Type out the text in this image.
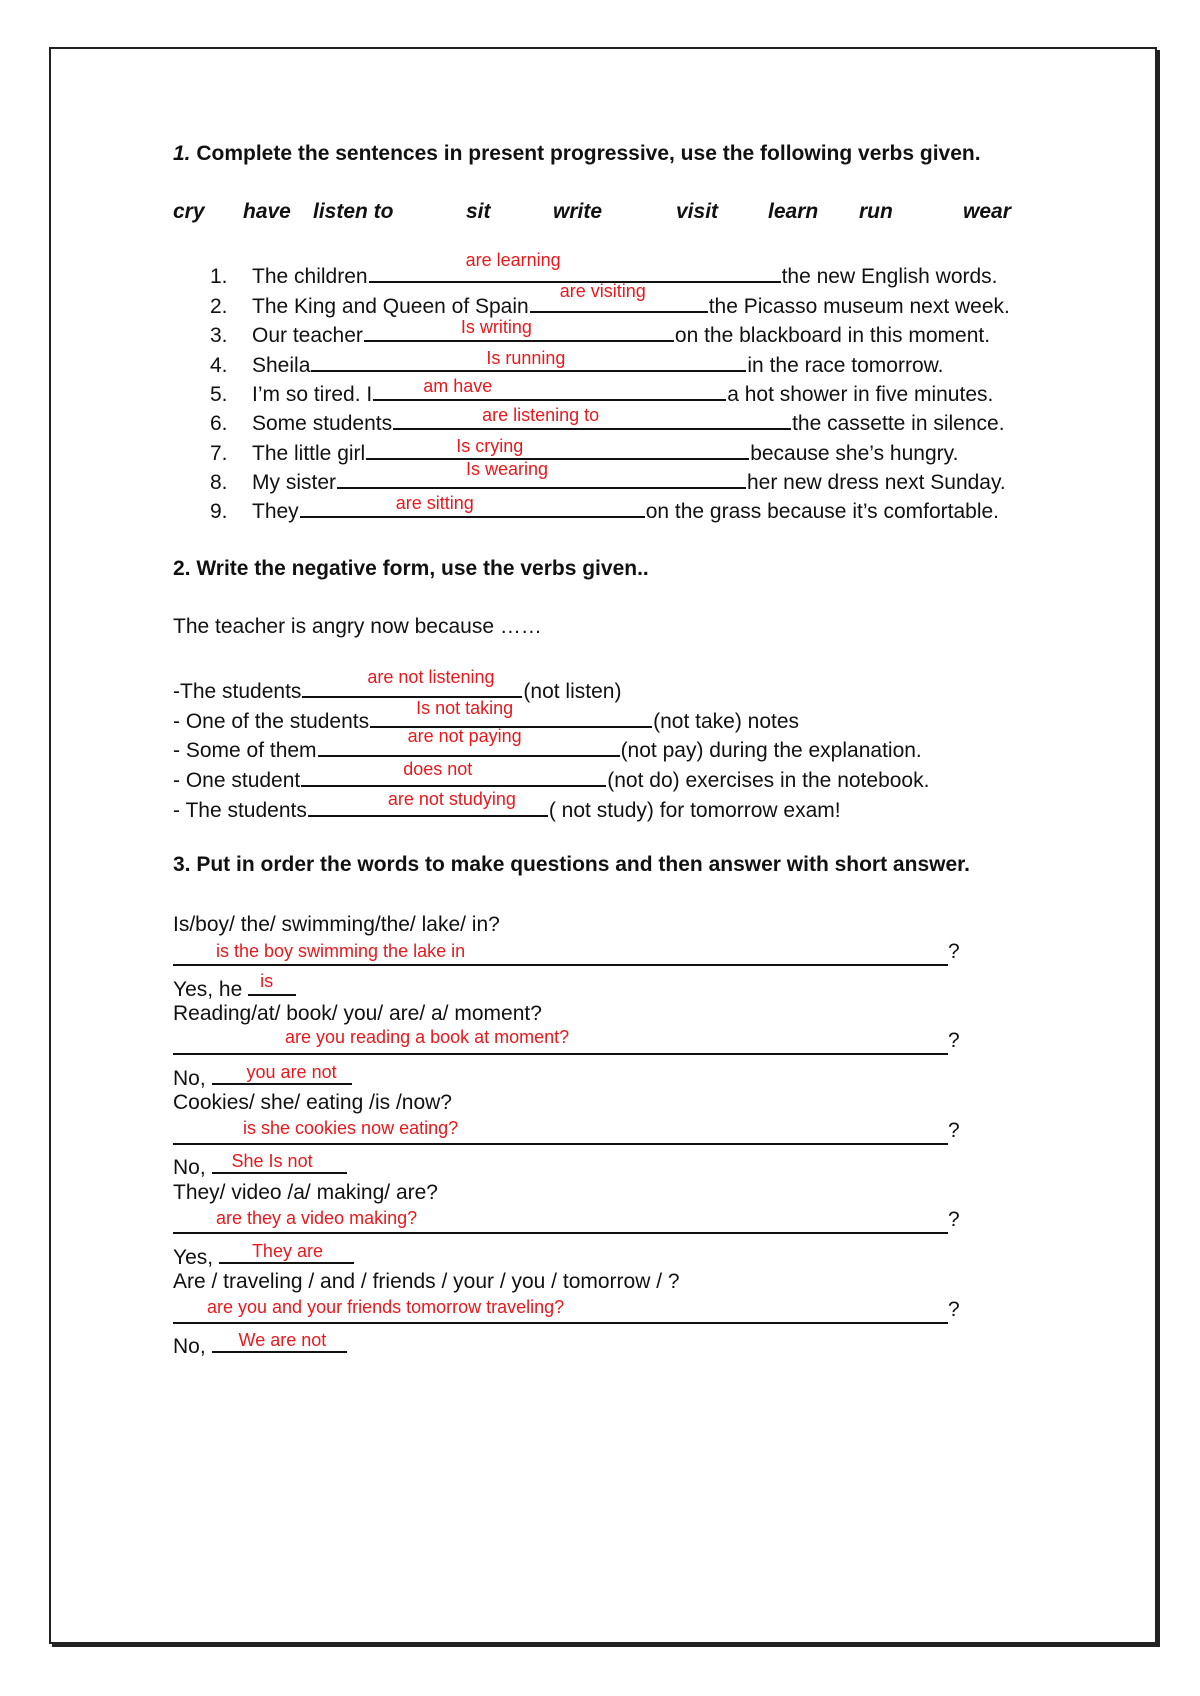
1. Complete the sentences in present progressive, use the following verbs given.
cry have listen to	sit	write	visit learn run	wear
1. The children
are learning
the new English words.
2. The King and Queen of Spain
are visiting
the Picasso museum next week.
3. Our teacher	Is writing	on the blackboard in this moment.
4. Sheila	Is running	in the race tomorrow.
5. I’m so tired. I	am have	a hot shower in five minutes.
6. Some students	are listening to	the cassette in silence.
7. The little girl	Is crying	because she’s hungry.
8. My sister
Is wearing
her new dress next Sunday.
9. They	are sitting	on the grass because it’s comfortable.
2. Write the negative form, use the verbs given..
The teacher is angry now because ……
-The students
are not listening
(not listen)
- One of the students
Is not taking
(not take) notes
- Some of them
are not paying
(not pay) during the explanation.
- One student	does not	(not do) exercises in the notebook.
- The students	are not studying ( not study) for tomorrow exam!
3. Put in order the words to make questions and then answer with short answer.
Is/boy/ the/ swimming/the/ lake/ in?
is the boy swimming the lake in	?
Yes, he is
Reading/at/ book/ you/ are/ a/ moment?
are you reading a book at moment?	?
No, you are not
Cookies/ she/ eating /is /now?
is she cookies now eating?	?
No, She Is not
They/ video /a/ making/ are?
are they a video making?	?
Yes, They are
Are / traveling / and / friends / your / you / tomorrow / ?
are you and your friends tomorrow traveling?	?
No, We are not
